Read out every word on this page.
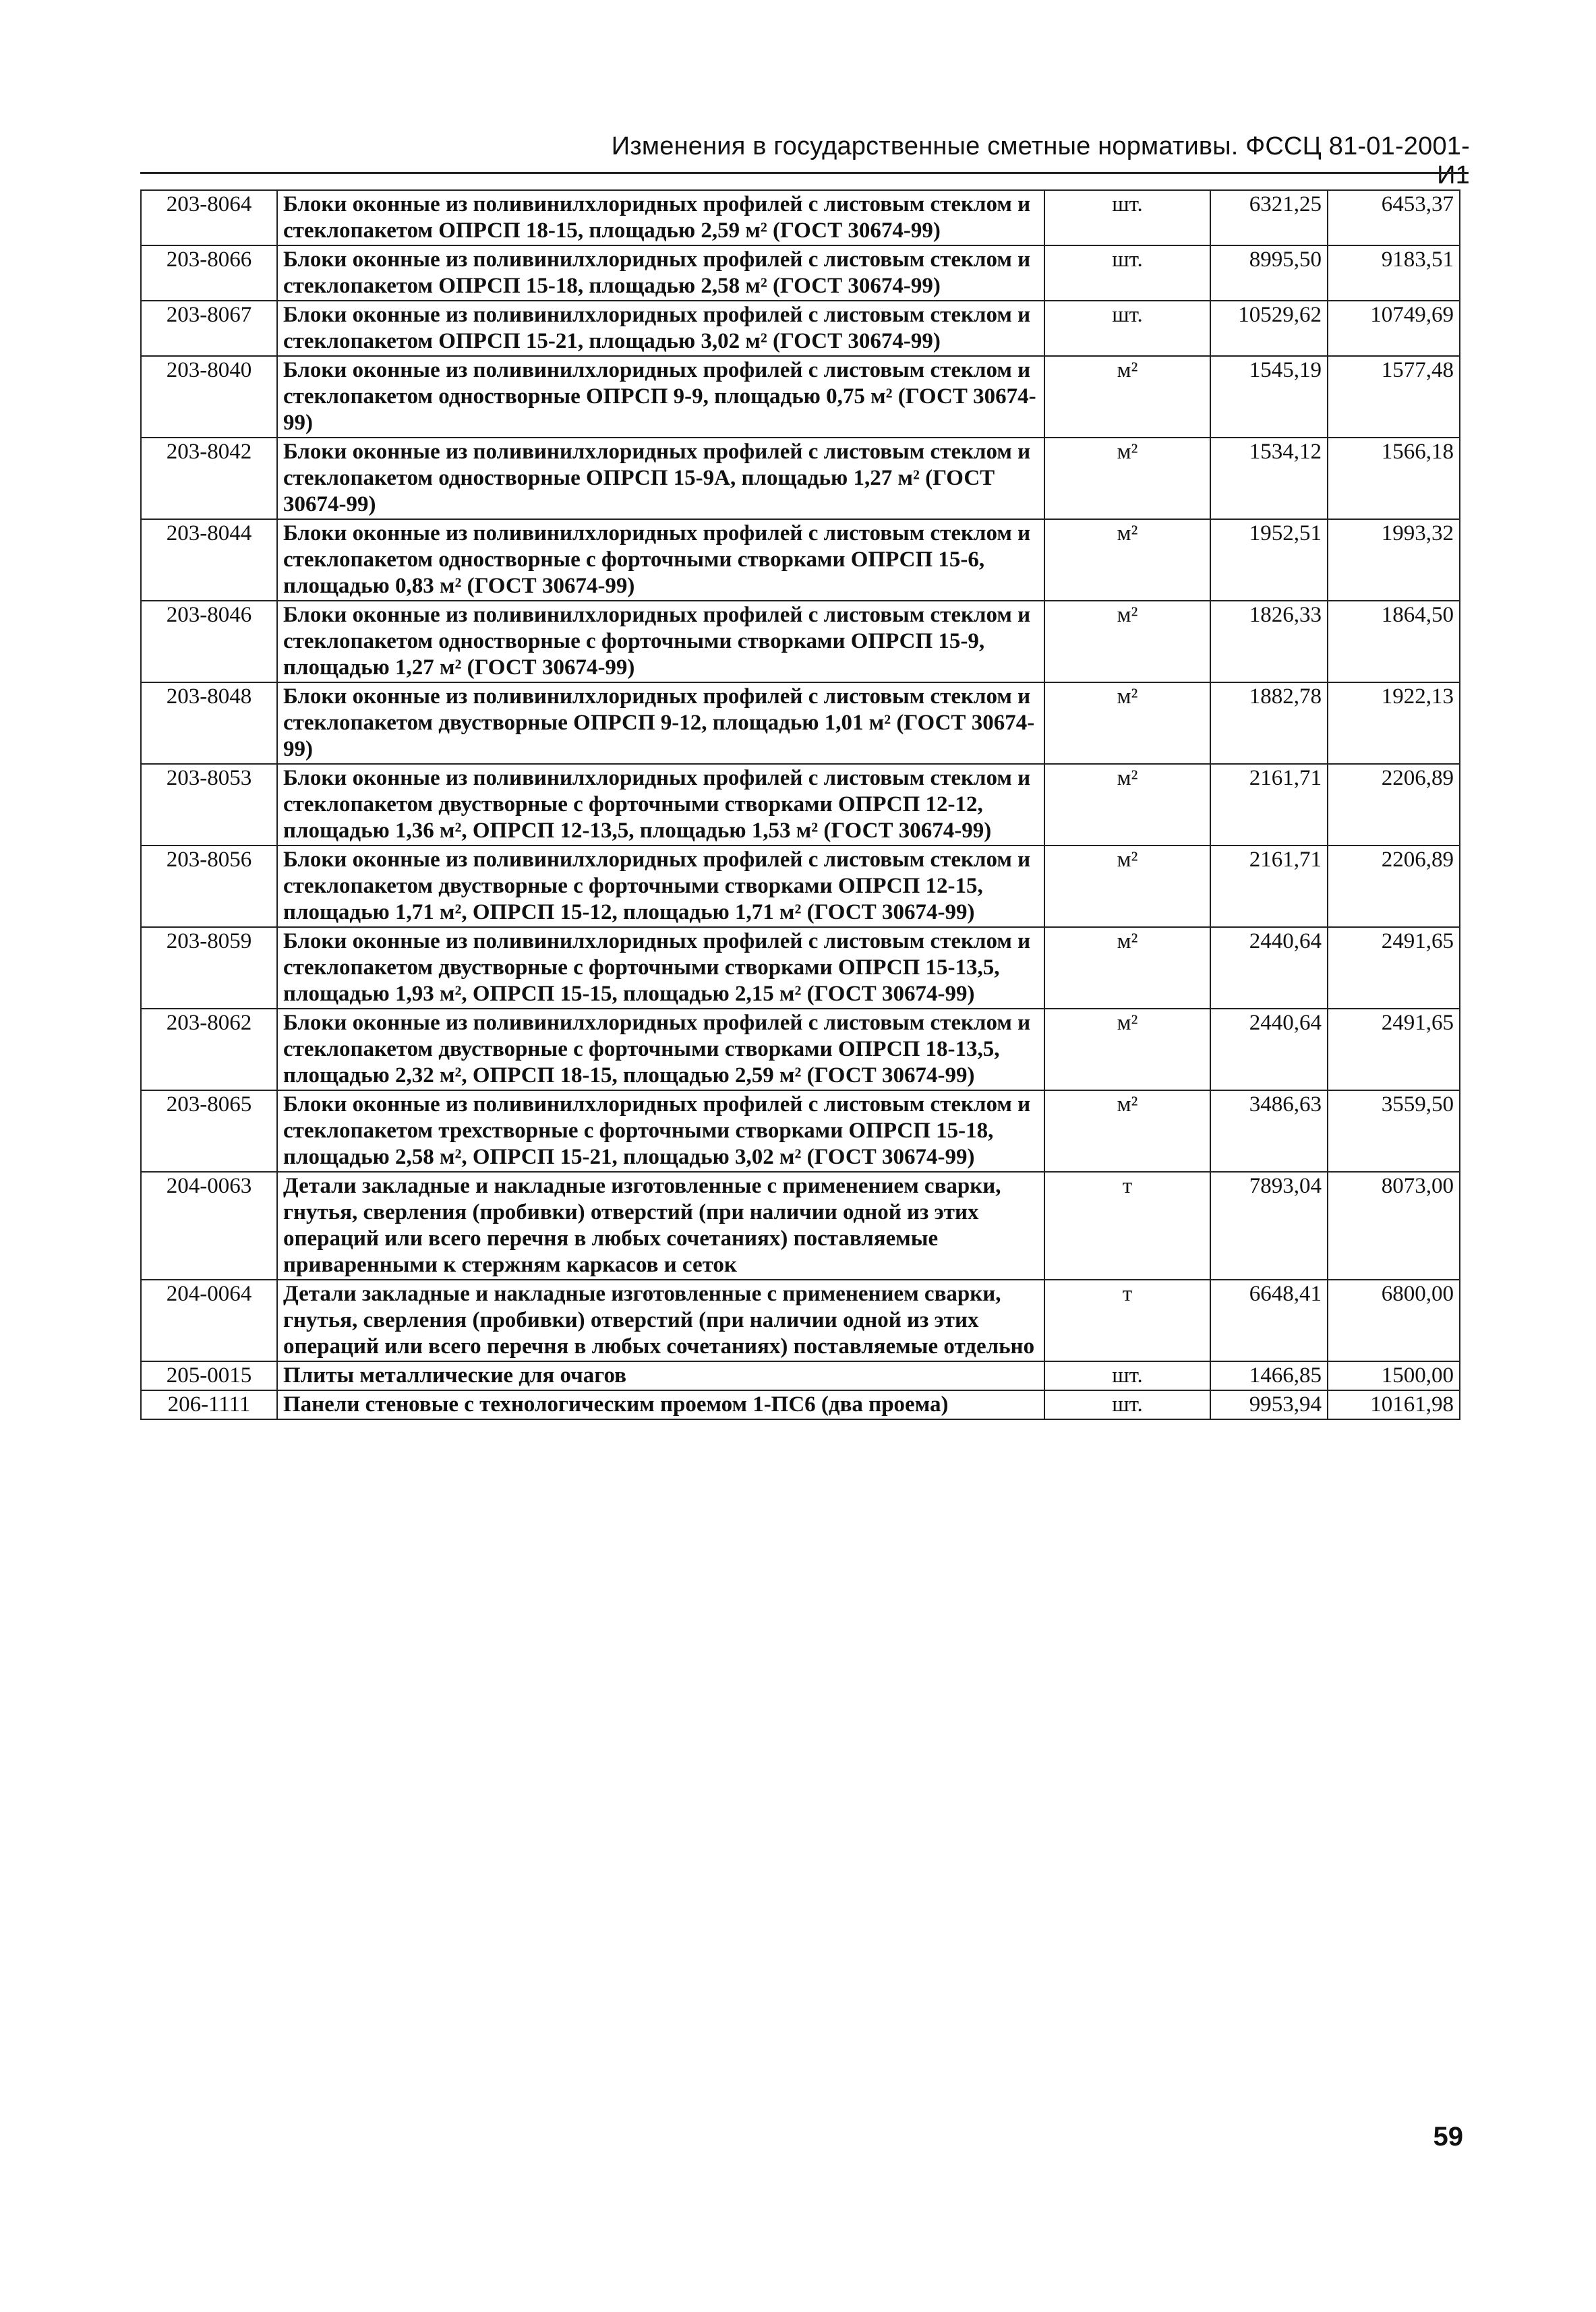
Изменения в государственные сметные нормативы. ФССЦ 81-01-2001-И1
203-8064	Блоки оконные из поливинилхлоридных профилей с листовым стеклом и стеклопакетом ОПРСП 18-15, площадью 2,59 м² (ГОСТ 30674-99)	шт.	6321,25	6453,37
203-8066	Блоки оконные из поливинилхлоридных профилей с листовым стеклом и стеклопакетом ОПРСП 15-18, площадью 2,58 м² (ГОСТ 30674-99)	шт.	8995,50	9183,51
203-8067	Блоки оконные из поливинилхлоридных профилей с листовым стеклом и стеклопакетом ОПРСП 15-21, площадью 3,02 м² (ГОСТ 30674-99)	шт.	10529,62	10749,69
203-8040	Блоки оконные из поливинилхлоридных профилей с листовым стеклом и стеклопакетом одностворные ОПРСП 9-9, площадью 0,75 м² (ГОСТ 30674-99)	м²	1545,19	1577,48
203-8042	Блоки оконные из поливинилхлоридных профилей с листовым стеклом и стеклопакетом одностворные ОПРСП 15-9А, площадью 1,27 м² (ГОСТ 30674-99)	м²	1534,12	1566,18
203-8044	Блоки оконные из поливинилхлоридных профилей с листовым стеклом и стеклопакетом одностворные с форточными створками ОПРСП 15-6, площадью 0,83 м² (ГОСТ 30674-99)	м²	1952,51	1993,32
203-8046	Блоки оконные из поливинилхлоридных профилей с листовым стеклом и стеклопакетом одностворные с форточными створками ОПРСП 15-9, площадью 1,27 м² (ГОСТ 30674-99)	м²	1826,33	1864,50
203-8048	Блоки оконные из поливинилхлоридных профилей с листовым стеклом и стеклопакетом двустворные ОПРСП 9-12, площадью 1,01 м² (ГОСТ 30674-99)	м²	1882,78	1922,13
203-8053	Блоки оконные из поливинилхлоридных профилей с листовым стеклом и стеклопакетом двустворные с форточными створками ОПРСП 12-12, площадью 1,36 м², ОПРСП 12-13,5, площадью 1,53 м² (ГОСТ 30674-99)	м²	2161,71	2206,89
203-8056	Блоки оконные из поливинилхлоридных профилей с листовым стеклом и стеклопакетом двустворные с форточными створками ОПРСП 12-15, площадью 1,71 м², ОПРСП 15-12, площадью 1,71 м² (ГОСТ 30674-99)	м²	2161,71	2206,89
203-8059	Блоки оконные из поливинилхлоридных профилей с листовым стеклом и стеклопакетом двустворные с форточными створками ОПРСП 15-13,5, площадью 1,93 м², ОПРСП 15-15, площадью 2,15 м² (ГОСТ 30674-99)	м²	2440,64	2491,65
203-8062	Блоки оконные из поливинилхлоридных профилей с листовым стеклом и стеклопакетом двустворные с форточными створками ОПРСП 18-13,5, площадью 2,32 м², ОПРСП 18-15, площадью 2,59 м² (ГОСТ 30674-99)	м²	2440,64	2491,65
203-8065	Блоки оконные из поливинилхлоридных профилей с листовым стеклом и стеклопакетом трехстворные с форточными створками ОПРСП 15-18, площадью 2,58 м², ОПРСП 15-21, площадью 3,02 м² (ГОСТ 30674-99)	м²	3486,63	3559,50
204-0063	Детали закладные и накладные изготовленные с применением сварки, гнутья, сверления (пробивки) отверстий (при наличии одной из этих операций или всего перечня в любых сочетаниях) поставляемые приваренными к стержням каркасов и сеток	т	7893,04	8073,00
204-0064	Детали закладные и накладные изготовленные с применением сварки, гнутья, сверления (пробивки) отверстий (при наличии одной из этих операций или всего перечня в любых сочетаниях) поставляемые отдельно	т	6648,41	6800,00
205-0015	Плиты металлические для очагов	шт.	1466,85	1500,00
206-1111	Панели стеновые с технологическим проемом 1-ПС6 (два проема)	шт.	9953,94	10161,98
59
